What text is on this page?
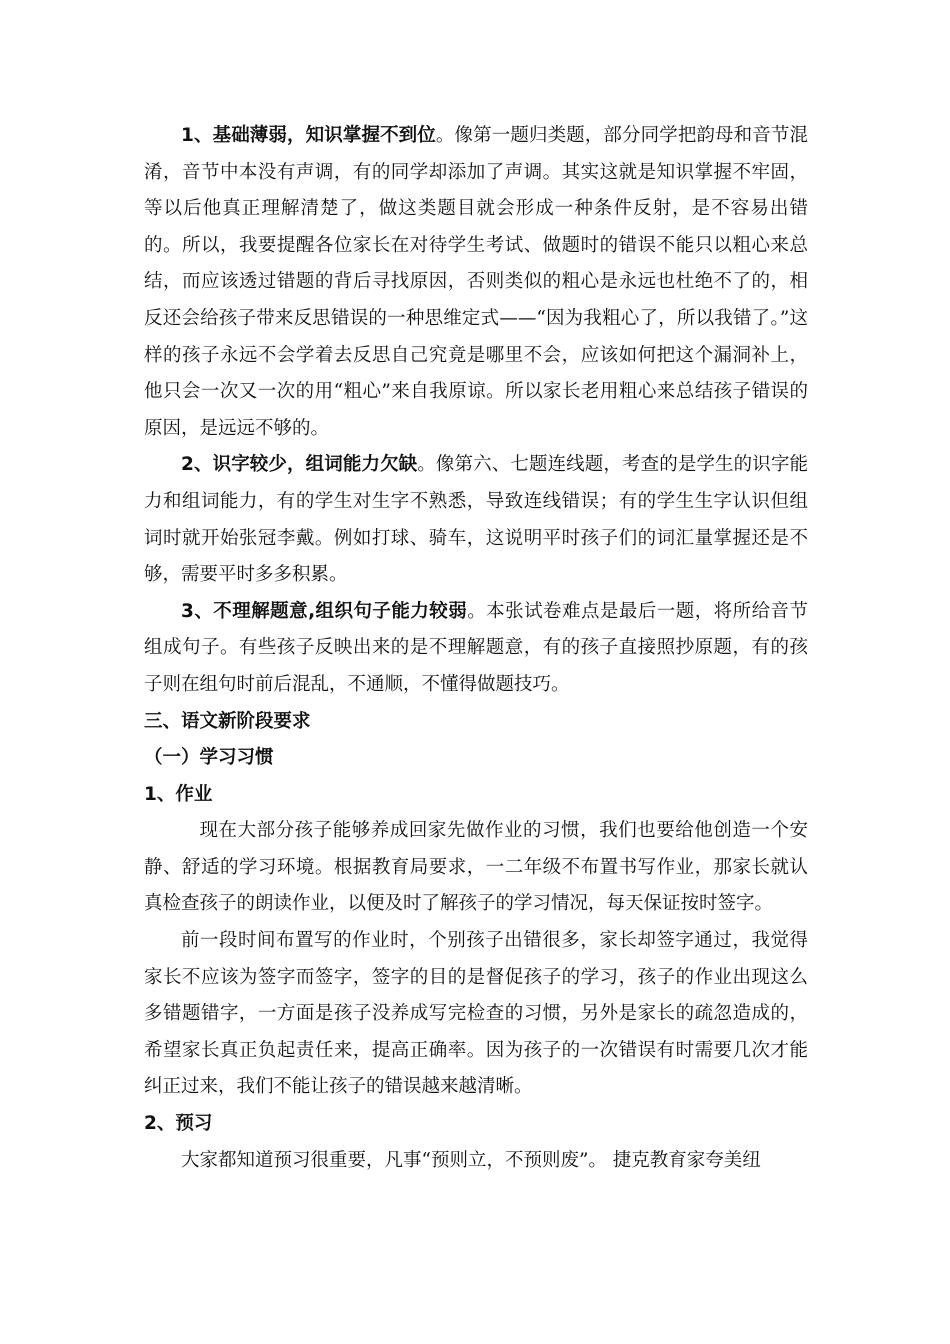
1、基础薄弱，知识掌握不到位。像第一题归类题，部分同学把韵母和音节混淆，音节中本没有声调，有的同学却添加了声调。其实这就是知识掌握不牢固，等以后他真正理解清楚了，做这类题目就会形成一种条件反射，是不容易出错的。所以，我要提醒各位家长在对待学生考试、做题时的错误不能只以粗心来总结，而应该透过错题的背后寻找原因，否则类似的粗心是永远也杜绝不了的，相反还会给孩子带来反思错误的一种思维定式——“因为我粗心了，所以我错了。”这样的孩子永远不会学着去反思自己究竟是哪里不会，应该如何把这个漏洞补上，他只会一次又一次的用“粗心”来自我原谅。所以家长老用粗心来总结孩子错误的原因，是远远不够的。

2、识字较少，组词能力欠缺。像第六、七题连线题，考查的是学生的识字能力和组词能力，有的学生对生字不熟悉，导致连线错误；有的学生生字认识但组词时就开始张冠李戴。例如打球、骑车，这说明平时孩子们的词汇量掌握还是不够，需要平时多多积累。

3、不理解题意,组织句子能力较弱。本张试卷难点是最后一题，将所给音节组成句子。有些孩子反映出来的是不理解题意，有的孩子直接照抄原题，有的孩子则在组句时前后混乱，不通顺，不懂得做题技巧。

三、语文新阶段要求

（一）学习习惯

1、作业

现在大部分孩子能够养成回家先做作业的习惯，我们也要给他创造一个安静、舒适的学习环境。根据教育局要求，一二年级不布置书写作业，那家长就认真检查孩子的朗读作业，以便及时了解孩子的学习情况，每天保证按时签字。

前一段时间布置写的作业时，个别孩子出错很多，家长却签字通过，我觉得家长不应该为签字而签字，签字的目的是督促孩子的学习，孩子的作业出现这么多错题错字，一方面是孩子没养成写完检查的习惯，另外是家长的疏忽造成的，希望家长真正负起责任来，提高正确率。因为孩子的一次错误有时需要几次才能纠正过来，我们不能让孩子的错误越来越清晰。

2、预习

大家都知道预习很重要，凡事“预则立，不预则废”。 捷克教育家夸美纽
